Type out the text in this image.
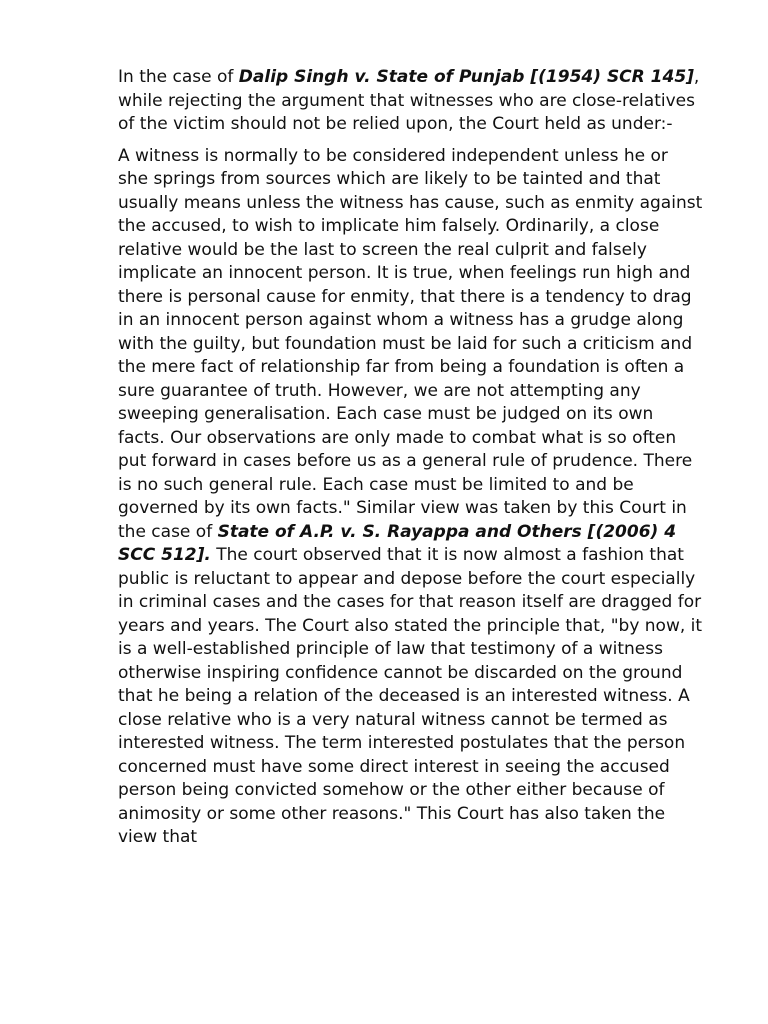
In the case of Dalip Singh v. State of Punjab [(1954) SCR 145], while rejecting the argument that witnesses who are close-relatives of the victim should not be relied upon, the Court held as under:-

A witness is normally to be considered independent unless he or she springs from sources which are likely to be tainted and that usually means unless the witness has cause, such as enmity against the accused, to wish to implicate him falsely. Ordinarily, a close relative would be the last to screen the real culprit and falsely implicate an innocent person. It is true, when feelings run high and there is personal cause for enmity, that there is a tendency to drag in an innocent person against whom a witness has a grudge along with the guilty, but foundation must be laid for such a criticism and the mere fact of relationship far from being a foundation is often a sure guarantee of truth. However, we are not attempting any sweeping generalisation. Each case must be judged on its own facts. Our observations are only made to combat what is so often put forward in cases before us as a general rule of prudence. There is no such general rule. Each case must be limited to and be governed by its own facts." Similar view was taken by this Court in the case of State of A.P. v. S. Rayappa and Others [(2006) 4 SCC 512]. The court observed that it is now almost a fashion that public is reluctant to appear and depose before the court especially in criminal cases and the cases for that reason itself are dragged for years and years. The Court also stated the principle that, "by now, it is a well-established principle of law that testimony of a witness otherwise inspiring confidence cannot be discarded on the ground that he being a relation of the deceased is an interested witness. A close relative who is a very natural witness cannot be termed as interested witness. The term interested postulates that the person concerned must have some direct interest in seeing the accused person being convicted somehow or the other either because of animosity or some other reasons." This Court has also taken the view that
